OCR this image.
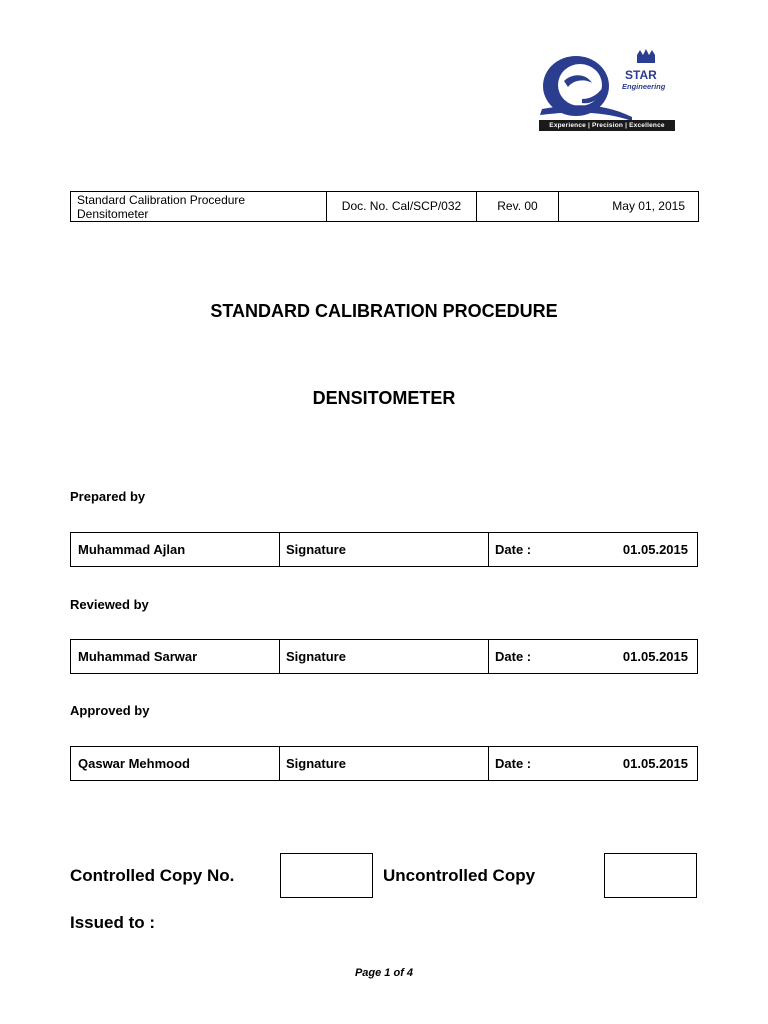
STAR
Engineering
Experience | Precision | Excellence
Standard Calibration Procedure
Densitometer
Doc. No. Cal/SCP/032	Rev. 00	May 01, 2015
STANDARD CALIBRATION PROCEDURE
DENSITOMETER
Prepared by
Muhammad Ajlan	Signature	Date :	01.05.2015
Reviewed by
Muhammad Sarwar	Signature	Date :	01.05.2015
Approved by
Qaswar Mehmood	Signature	Date :	01.05.2015
Controlled Copy No.	Uncontrolled Copy
Issued to :
Page 1 of 4
